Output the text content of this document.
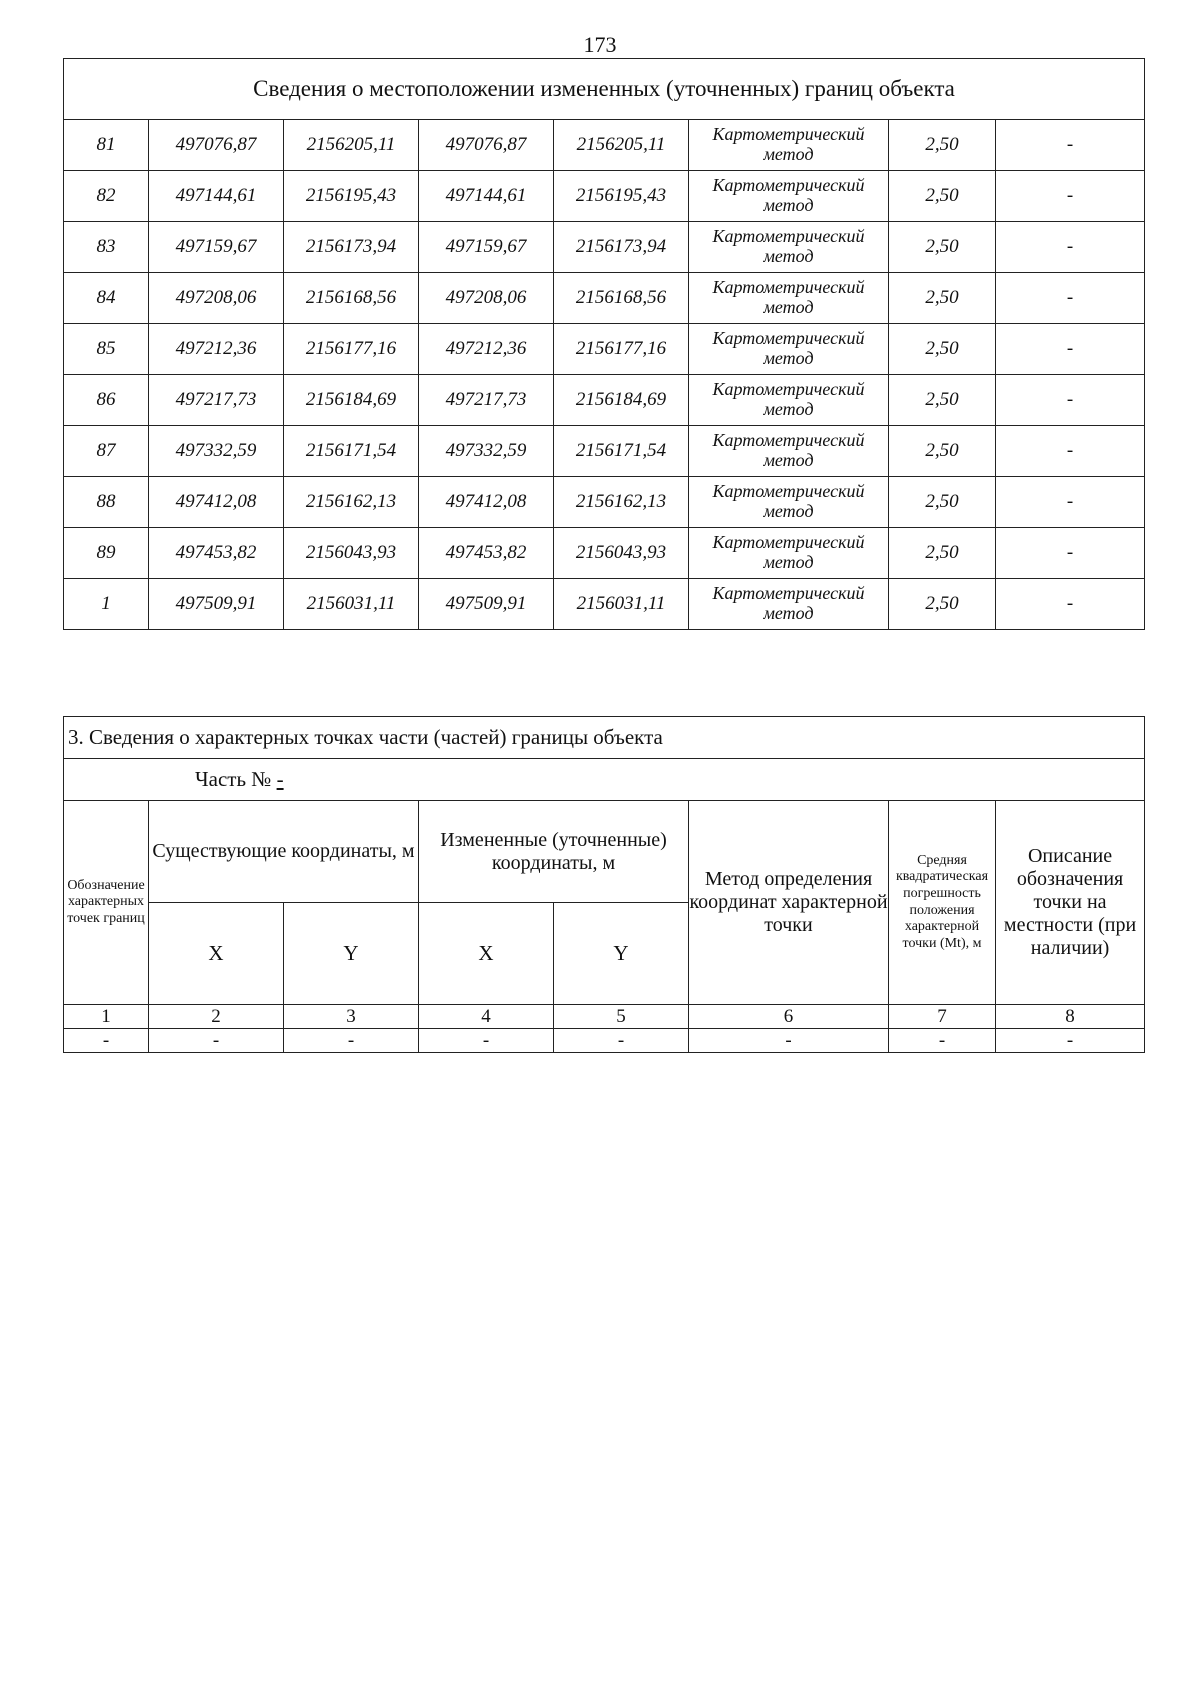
173
Сведения о местоположении измененных (уточненных) границ объекта							
81	497076,87	2156205,11	497076,87	2156205,11	Картометрический метод	2,50	-
82	497144,61	2156195,43	497144,61	2156195,43	Картометрический метод	2,50	-
83	497159,67	2156173,94	497159,67	2156173,94	Картометрический метод	2,50	-
84	497208,06	2156168,56	497208,06	2156168,56	Картометрический метод	2,50	-
85	497212,36	2156177,16	497212,36	2156177,16	Картометрический метод	2,50	-
86	497217,73	2156184,69	497217,73	2156184,69	Картометрический метод	2,50	-
87	497332,59	2156171,54	497332,59	2156171,54	Картометрический метод	2,50	-
88	497412,08	2156162,13	497412,08	2156162,13	Картометрический метод	2,50	-
89	497453,82	2156043,93	497453,82	2156043,93	Картометрический метод	2,50	-
1	497509,91	2156031,11	497509,91	2156031,11	Картометрический метод	2,50	-
3. Сведения о характерных точках части (частей) границы объекта							
Часть № -							
Обозначение характерных точек границ	Существующие координаты, м		Измененные (уточненные) координаты, м		Метод определения координат характерной точки	Средняя квадратическая погрешность положения характерной точки (Mt), м	Описание обозначения точки на местности (при наличии)
	X	Y	X	Y			
1	2	3	4	5	6	7	8
-	-	-	-	-	-	-	-
